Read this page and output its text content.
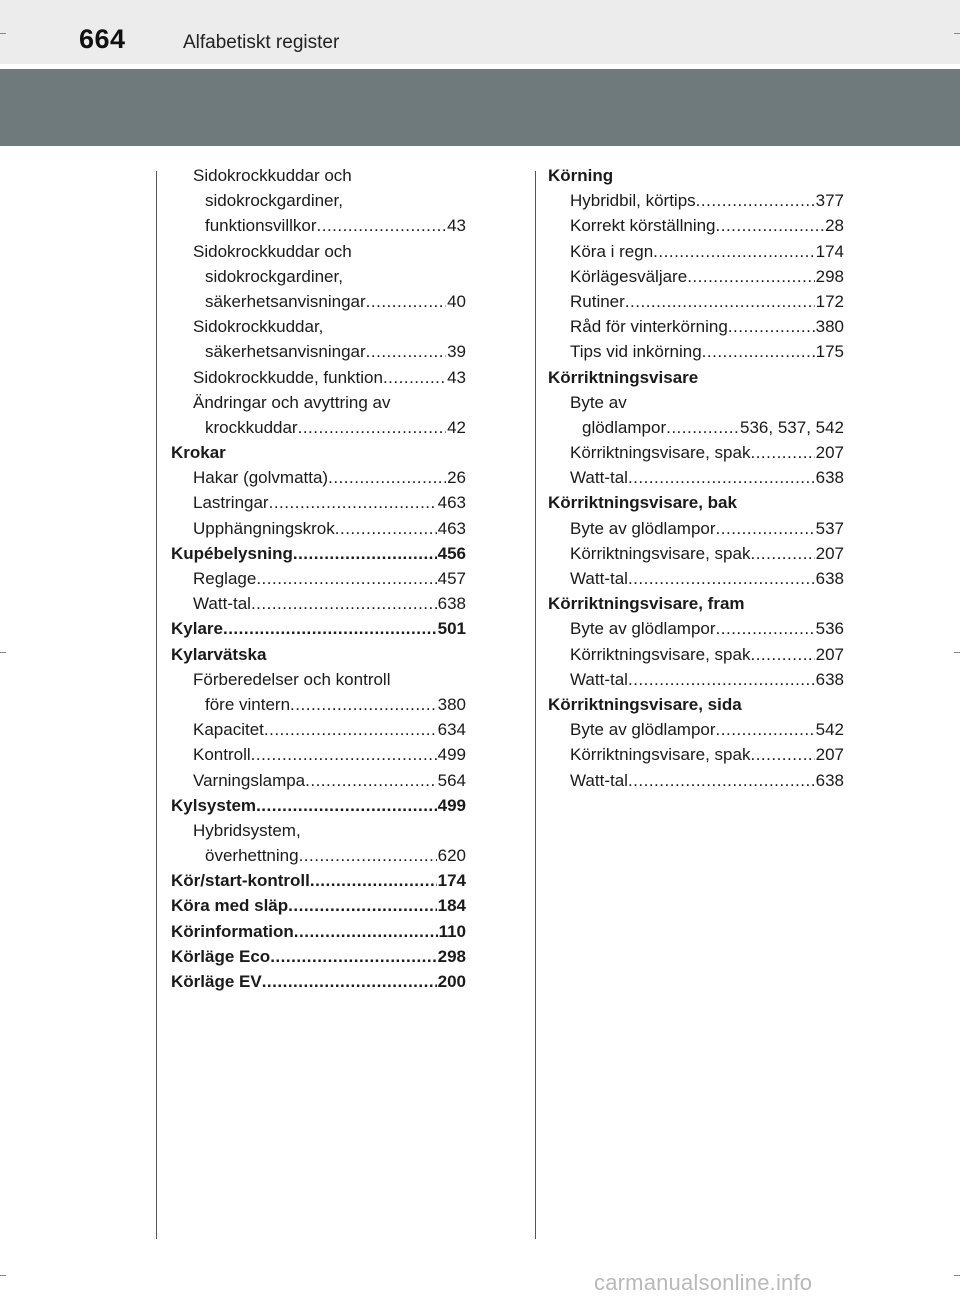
664	Alfabetiskt register
Sidokrockkuddar och
sidokrockgardiner,
funktionsvillkor .....	43
Sidokrockkuddar och
sidokrockgardiner,
säkerhetsanvisningar .....	40
Sidokrockkuddar,
säkerhetsanvisningar .....	39
Sidokrockkudde, funktion .....	43
Ändringar och avyttring av
krockkuddar .....	42
Krokar
Hakar (golvmatta) .....	26
Lastringar .....	463
Upphängningskrok .....	463
Kupébelysning .....	456
Reglage .....	457
Watt-tal .....	638
Kylare .....	501
Kylarvätska
Förberedelser och kontroll
före vintern .....	380
Kapacitet .....	634
Kontroll .....	499
Varningslampa .....	564
Kylsystem .....	499
Hybridsystem,
överhettning .....	620
Kör/start-kontroll .....	174
Köra med släp .....	184
Körinformation .....	110
Körläge Eco .....	298
Körläge EV .....	200
Körning
Hybridbil, körtips .....	377
Korrekt körställning .....	28
Köra i regn .....	174
Körlägesväljare .....	298
Rutiner .....	172
Råd för vinterkörning .....	380
Tips vid inkörning .....	175
Körriktningsvisare
Byte av
glödlampor .....	536, 537, 542
Körriktningsvisare, spak .....	207
Watt-tal .....	638
Körriktningsvisare, bak
Byte av glödlampor .....	537
Körriktningsvisare, spak .....	207
Watt-tal .....	638
Körriktningsvisare, fram
Byte av glödlampor .....	536
Körriktningsvisare, spak .....	207
Watt-tal .....	638
Körriktningsvisare, sida
Byte av glödlampor .....	542
Körriktningsvisare, spak .....	207
Watt-tal .....	638
carmanualsonline.info
